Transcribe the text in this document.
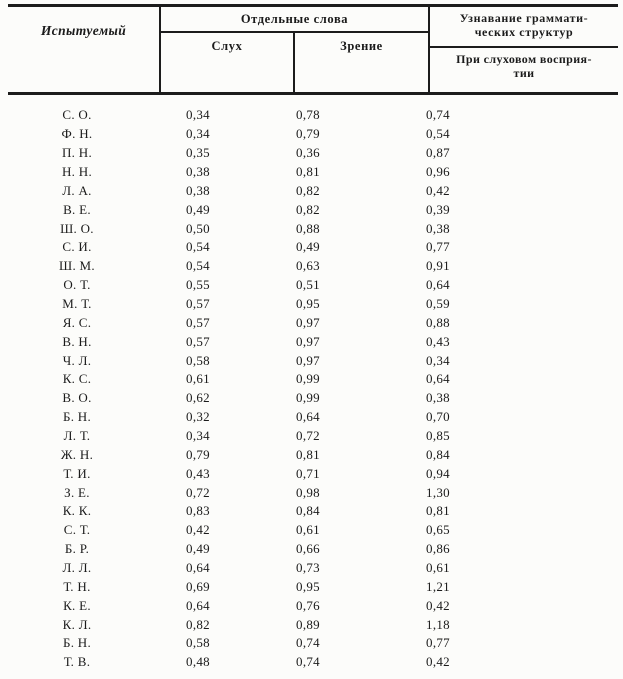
Испытуемый
Отдельные слова
Слух	Зрение
Узнавание граммати-
ческих структур
При слуховом восприя-
тии
С. О.	0,34	0,78	0,74
Ф. Н.	0,34	0,79	0,54
П. Н.	0,35	0,36	0,87
Н. Н.	0,38	0,81	0,96
Л. А.	0,38	0,82	0,42
В. Е.	0,49	0,82	0,39
Ш. О.	0,50	0,88	0,38
С. И.	0,54	0,49	0,77
Ш. М.	0,54	0,63	0,91
О. Т.	0,55	0,51	0,64
М. Т.	0,57	0,95	0,59
Я. С.	0,57	0,97	0,88
В. Н.	0,57	0,97	0,43
Ч. Л.	0,58	0,97	0,34
К. С.	0,61	0,99	0,64
В. О.	0,62	0,99	0,38
Б. Н.	0,32	0,64	0,70
Л. Т.	0,34	0,72	0,85
Ж. Н.	0,79	0,81	0,84
Т. И.	0,43	0,71	0,94
З. Е.	0,72	0,98	1,30
К. К.	0,83	0,84	0,81
С. Т.	0,42	0,61	0,65
Б. Р.	0,49	0,66	0,86
Л. Л.	0,64	0,73	0,61
Т. Н.	0,69	0,95	1,21
К. Е.	0,64	0,76	0,42
К. Л.	0,82	0,89	1,18
Б. Н.	0,58	0,74	0,77
Т. В.	0,48	0,74	0,42
